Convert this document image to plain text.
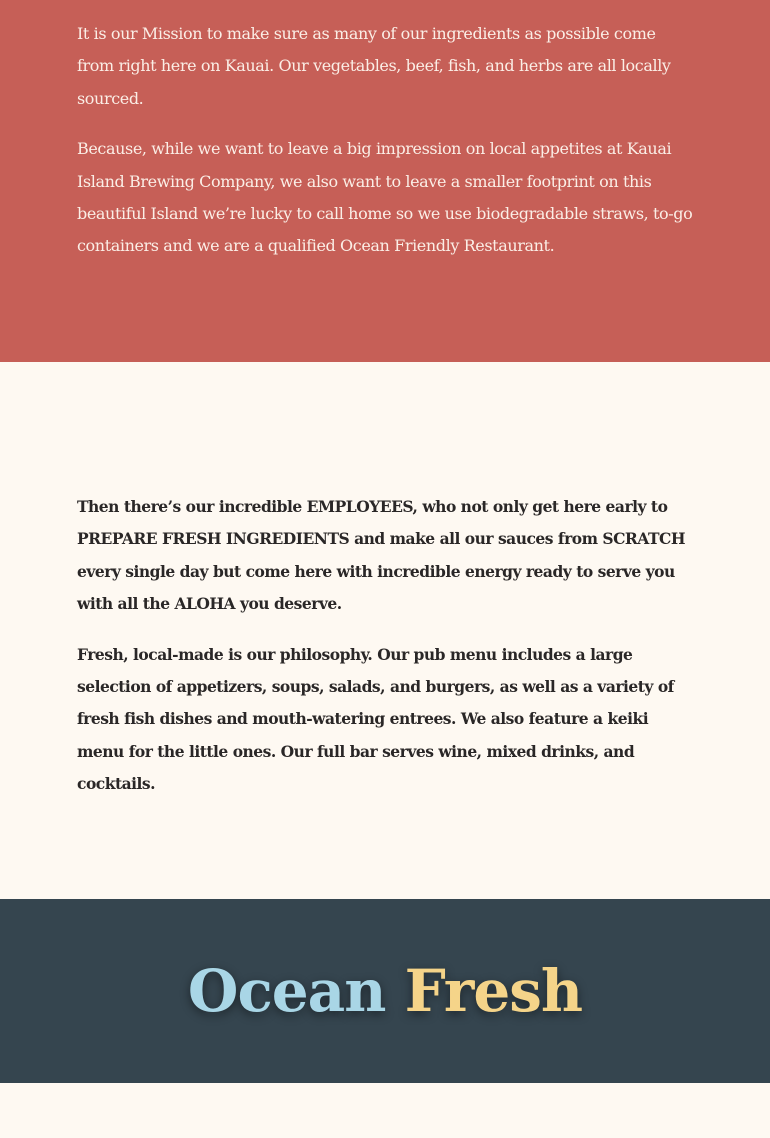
It is our Mission to make sure as many of our ingredients as possible come from right here on Kauai. Our vegetables, beef, fish, and herbs are all locally sourced.

Because, while we want to leave a big impression on local appetites at Kauai Island Brewing Company, we also want to leave a smaller footprint on this beautiful Island we’re lucky to call home so we use biodegradable straws, to-go containers and we are a qualified Ocean Friendly Restaurant.

Then there’s our incredible EMPLOYEES, who not only get here early to PREPARE FRESH INGREDIENTS and make all our sauces from SCRATCH every single day but come here with incredible energy ready to serve you with all the ALOHA you deserve.

Fresh, local-made is our philosophy. Our pub menu includes a large selection of appetizers, soups, salads, and burgers, as well as a variety of fresh fish dishes and mouth-watering entrees. We also feature a keiki menu for the little ones. Our full bar serves wine, mixed drinks, and cocktails.

Ocean Fresh
